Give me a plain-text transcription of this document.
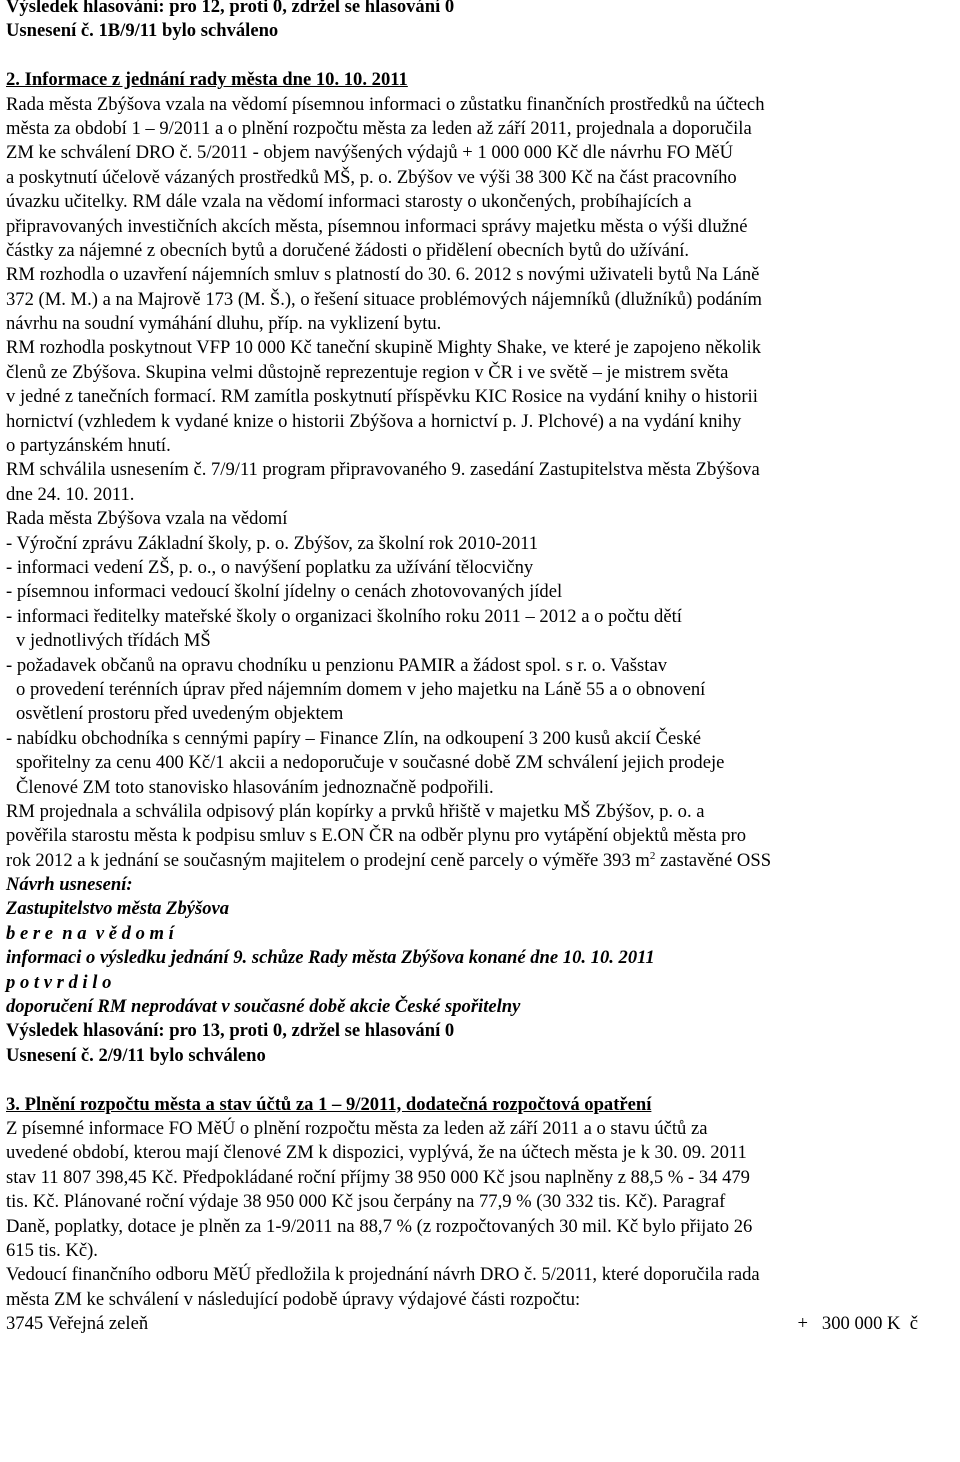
Výsledek hlasování: pro 12, proti 0, zdržel se hlasování 0
Usnesení č. 1B/9/11 bylo schváleno
2. Informace z jednání rady města dne 10. 10. 2011
Rada města Zbýšova vzala na vědomí písemnou informaci o zůstatku finančních prostředků na účtech
města za období 1 – 9/2011 a o plnění rozpočtu města za leden až září 2011, projednala a doporučila
ZM ke schválení DRO č. 5/2011 - objem navýšených výdajů + 1 000 000 Kč dle návrhu FO MěÚ
a poskytnutí účelově vázaných prostředků MŠ, p. o. Zbýšov ve výši 38 300 Kč na část pracovního
úvazku učitelky. RM dále vzala na vědomí informaci starosty o ukončených, probíhajících a
připravovaných investičních akcích města, písemnou informaci správy majetku města o výši dlužné
částky za nájemné z obecních bytů a doručené žádosti o přidělení obecních bytů do užívání.
RM rozhodla o uzavření nájemních smluv s platností do 30. 6. 2012 s novými uživateli bytů Na Láně
372 (M. M.) a na Majrově 173 (M. Š.), o řešení situace problémových nájemníků (dlužníků) podáním
návrhu na soudní vymáhání dluhu, příp. na vyklizení bytu.
RM rozhodla poskytnout VFP 10 000 Kč taneční skupině Mighty Shake, ve které je zapojeno několik
členů ze Zbýšova. Skupina velmi důstojně reprezentuje region v ČR i ve světě – je mistrem světa
v jedné z tanečních formací. RM zamítla poskytnutí příspěvku KIC Rosice na vydání knihy o historii
hornictví (vzhledem k vydané knize o historii Zbýšova a hornictví p. J. Plchové) a na vydání knihy
o partyzánském hnutí.
RM schválila usnesením č. 7/9/11 program připravovaného 9. zasedání Zastupitelstva města Zbýšova
dne 24. 10. 2011.
Rada města Zbýšova vzala na vědomí
- Výroční zprávu Základní školy, p. o. Zbýšov, za školní rok 2010-2011
- informaci vedení ZŠ, p. o., o navýšení poplatku za užívání tělocvičny
- písemnou informaci vedoucí školní jídelny o cenách zhotovovaných jídel
- informaci ředitelky mateřské školy o organizaci školního roku 2011 – 2012 a o počtu dětí
v jednotlivých třídách MŠ
- požadavek občanů na opravu chodníku u penzionu PAMIR a žádost spol. s r. o. Vašstav
o provedení terénních úprav před nájemním domem v jeho majetku na Láně 55 a o obnovení
osvětlení prostoru před uvedeným objektem
- nabídku obchodníka s cennými papíry – Finance Zlín, na odkoupení 3 200 kusů akcií České
spořitelny za cenu 400 Kč/1 akcii a nedoporučuje v současné době ZM schválení jejich prodeje
Členové ZM toto stanovisko hlasováním jednoznačně podpořili.
RM projednala a schválila odpisový plán kopírky a prvků hřiště v majetku MŠ Zbýšov, p. o. a
pověřila starostu města k podpisu smluv s E.ON ČR na odběr plynu pro vytápění objektů města pro
rok 2012 a k jednání se současným majitelem o prodejní ceně parcely o výměře 393 $m^2$ zastavěné OSS
Návrh usnesení:
Zastupitelstvo města Zbýšova
b e r e  n a  v ě d o m í
informaci o výsledku jednání 9. schůze Rady města Zbýšova konané dne 10. 10. 2011
p o t v r d i l o
doporučení RM neprodávat v současné době akcie České spořitelny
Výsledek hlasování: pro 13, proti 0, zdržel se hlasování 0
Usnesení č. 2/9/11 bylo schváleno
3. Plnění rozpočtu města a stav účtů za 1 – 9/2011, dodatečná rozpočtová opatření
Z písemné informace FO MěÚ o plnění rozpočtu města za leden až září 2011 a o stavu účtů za
uvedené období, kterou mají členové ZM k dispozici, vyplývá, že na účtech města je k 30. 09. 2011
stav 11 807 398,45 Kč. Předpokládané roční příjmy 38 950 000 Kč jsou naplněny z 88,5 % - 34 479
tis. Kč. Plánované roční výdaje 38 950 000 Kč jsou čerpány na 77,9 % (30 332 tis. Kč). Paragraf
Daně, poplatky, dotace je plněn za 1-9/2011 na 88,7 % (z rozpočtovaných 30 mil. Kč bylo přijato 26
615 tis. Kč).
Vedoucí finančního odboru MěÚ předložila k projednání návrh DRO č. 5/2011, které doporučila rada
města ZM ke schválení v následující podobě úpravy výdajové části rozpočtu:
3745 Veřejná zeleň	+   300 000 K  č
